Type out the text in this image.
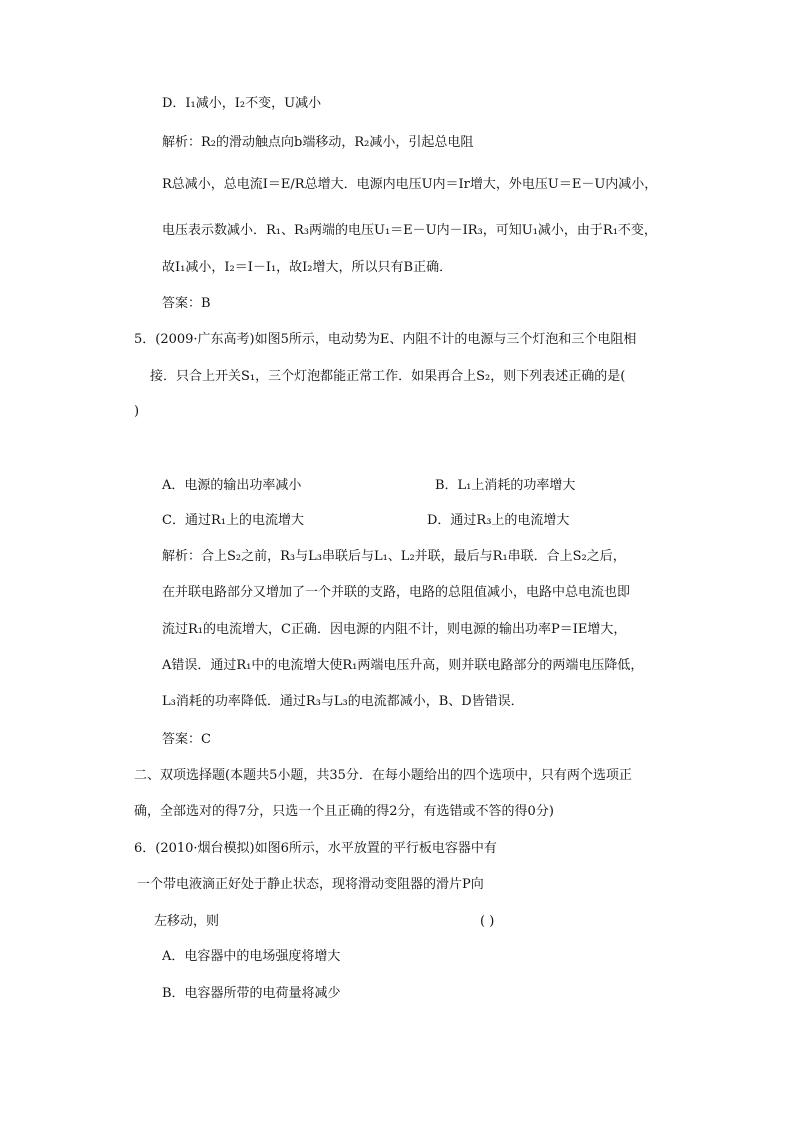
D．I₁减小，I₂不变，U减小
解析：R₂的滑动触点向b端移动，R₂减小，引起总电阻
R总减小，总电流I＝E/R总增大．电源内电压U内＝Ir增大，外电压U＝E－U内减小，
电压表示数减小．R₁、R₃两端的电压U₁＝E－U内－IR₃，可知U₁减小，由于R₁不变，
故I₁减小，I₂＝I－I₁，故I₂增大，所以只有B正确．
答案：B
5．(2009·广东高考)如图5所示，电动势为E、内阻不计的电源与三个灯泡和三个电阻相
接．只合上开关S₁，三个灯泡都能正常工作．如果再合上S₂，则下列表述正确的是(
)
A．电源的输出功率减小	B．L₁上消耗的功率增大
C．通过R₁上的电流增大	D．通过R₃上的电流增大
解析：合上S₂之前，R₃与L₃串联后与L₁、L₂并联，最后与R₁串联．合上S₂之后，
在并联电路部分又增加了一个并联的支路，电路的总阻值减小，电路中总电流也即
流过R₁的电流增大，C正确．因电源的内阻不计，则电源的输出功率P＝IE增大，
A错误．通过R₁中的电流增大使R₁两端电压升高，则并联电路部分的两端电压降低，
L₃消耗的功率降低．通过R₃与L₃的电流都减小，B、D皆错误．
答案：C
二、双项选择题(本题共5小题，共35分．在每小题给出的四个选项中，只有两个选项正
确，全部选对的得7分，只选一个且正确的得2分，有选错或不答的得0分)
6．(2010·烟台模拟)如图6所示，水平放置的平行板电容器中有
一个带电液滴正好处于静止状态，现将滑动变阻器的滑片P向
左移动，则	( )
A．电容器中的电场强度将增大
B．电容器所带的电荷量将减少
